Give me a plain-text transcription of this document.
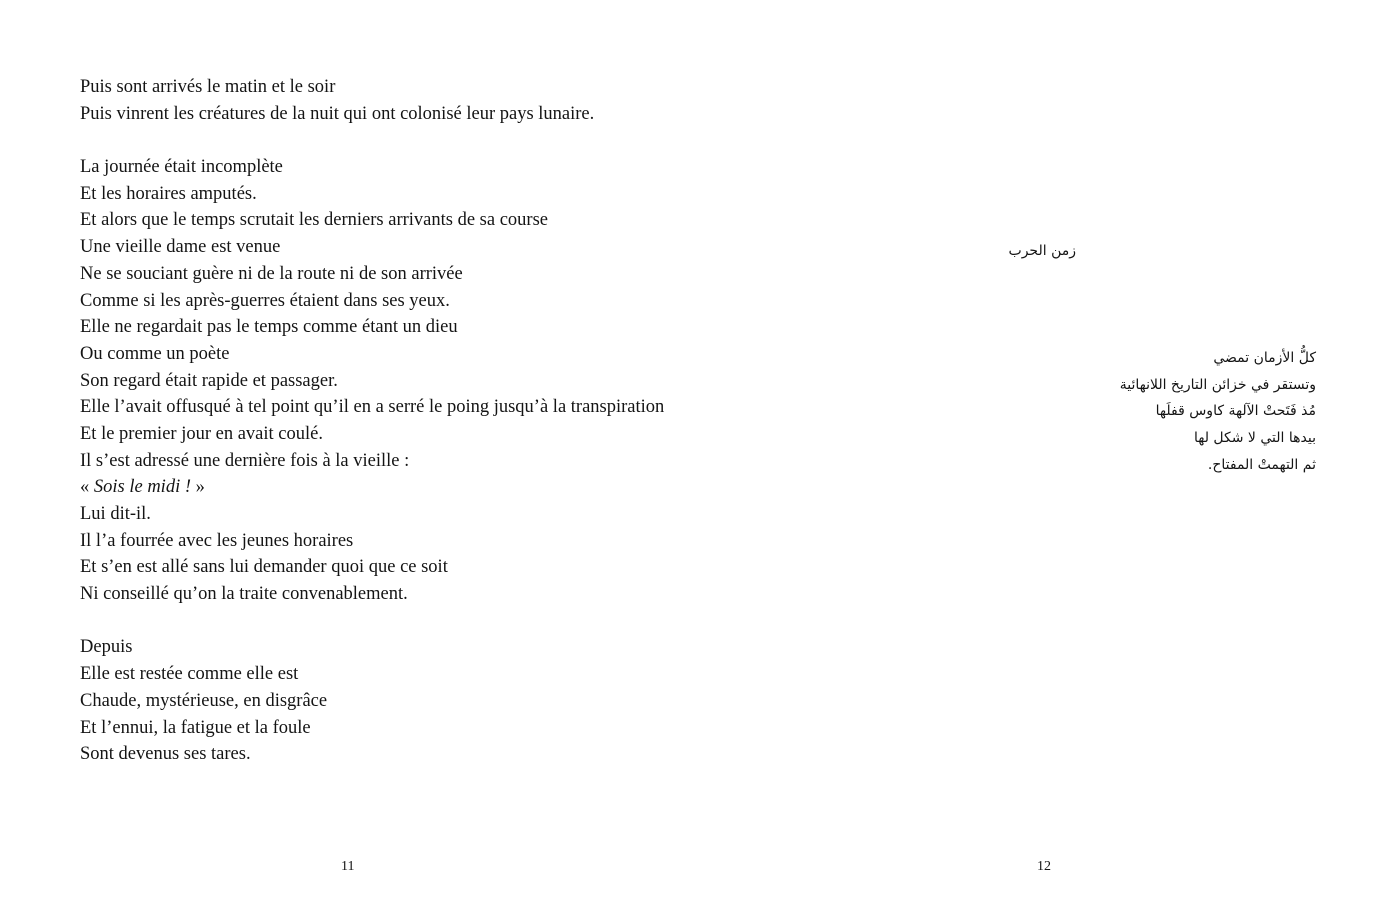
Puis sont arrivés le matin et le soir
Puis vinrent les créatures de la nuit qui ont colonisé leur pays lunaire.
La journée était incomplète
Et les horaires amputés.
Et alors que le temps scrutait les derniers arrivants de sa course
Une vieille dame est venue
Ne se souciant guère ni de la route ni de son arrivée
Comme si les après-guerres étaient dans ses yeux.
Elle ne regardait pas le temps comme étant un dieu
Ou comme un poète
Son regard était rapide et passager.
Elle l’avait offusqué à tel point qu’il en a serré le poing jusqu’à la transpiration
Et le premier jour en avait coulé.
Il s’est adressé une dernière fois à la vieille :
« Sois le midi ! »
Lui dit-il.
Il l’a fourrée avec les jeunes horaires
Et s’en est allé sans lui demander quoi que ce soit
Ni conseillé qu’on la traite convenablement.
Depuis
Elle est restée comme elle est
Chaude, mystérieuse, en disgrâce
Et l’ennui, la fatigue et la foule
Sont devenus ses tares.
11
زمن الحرب
كلُّ الأزمان تمضي
وتستقر في خزائن التاريخ اللانهائية
مُذ فَتَحتْ الآلهة كاوس قفلَها
بيدها التي لا شكل لها
ثم التهمتْ المفتاح.
12
